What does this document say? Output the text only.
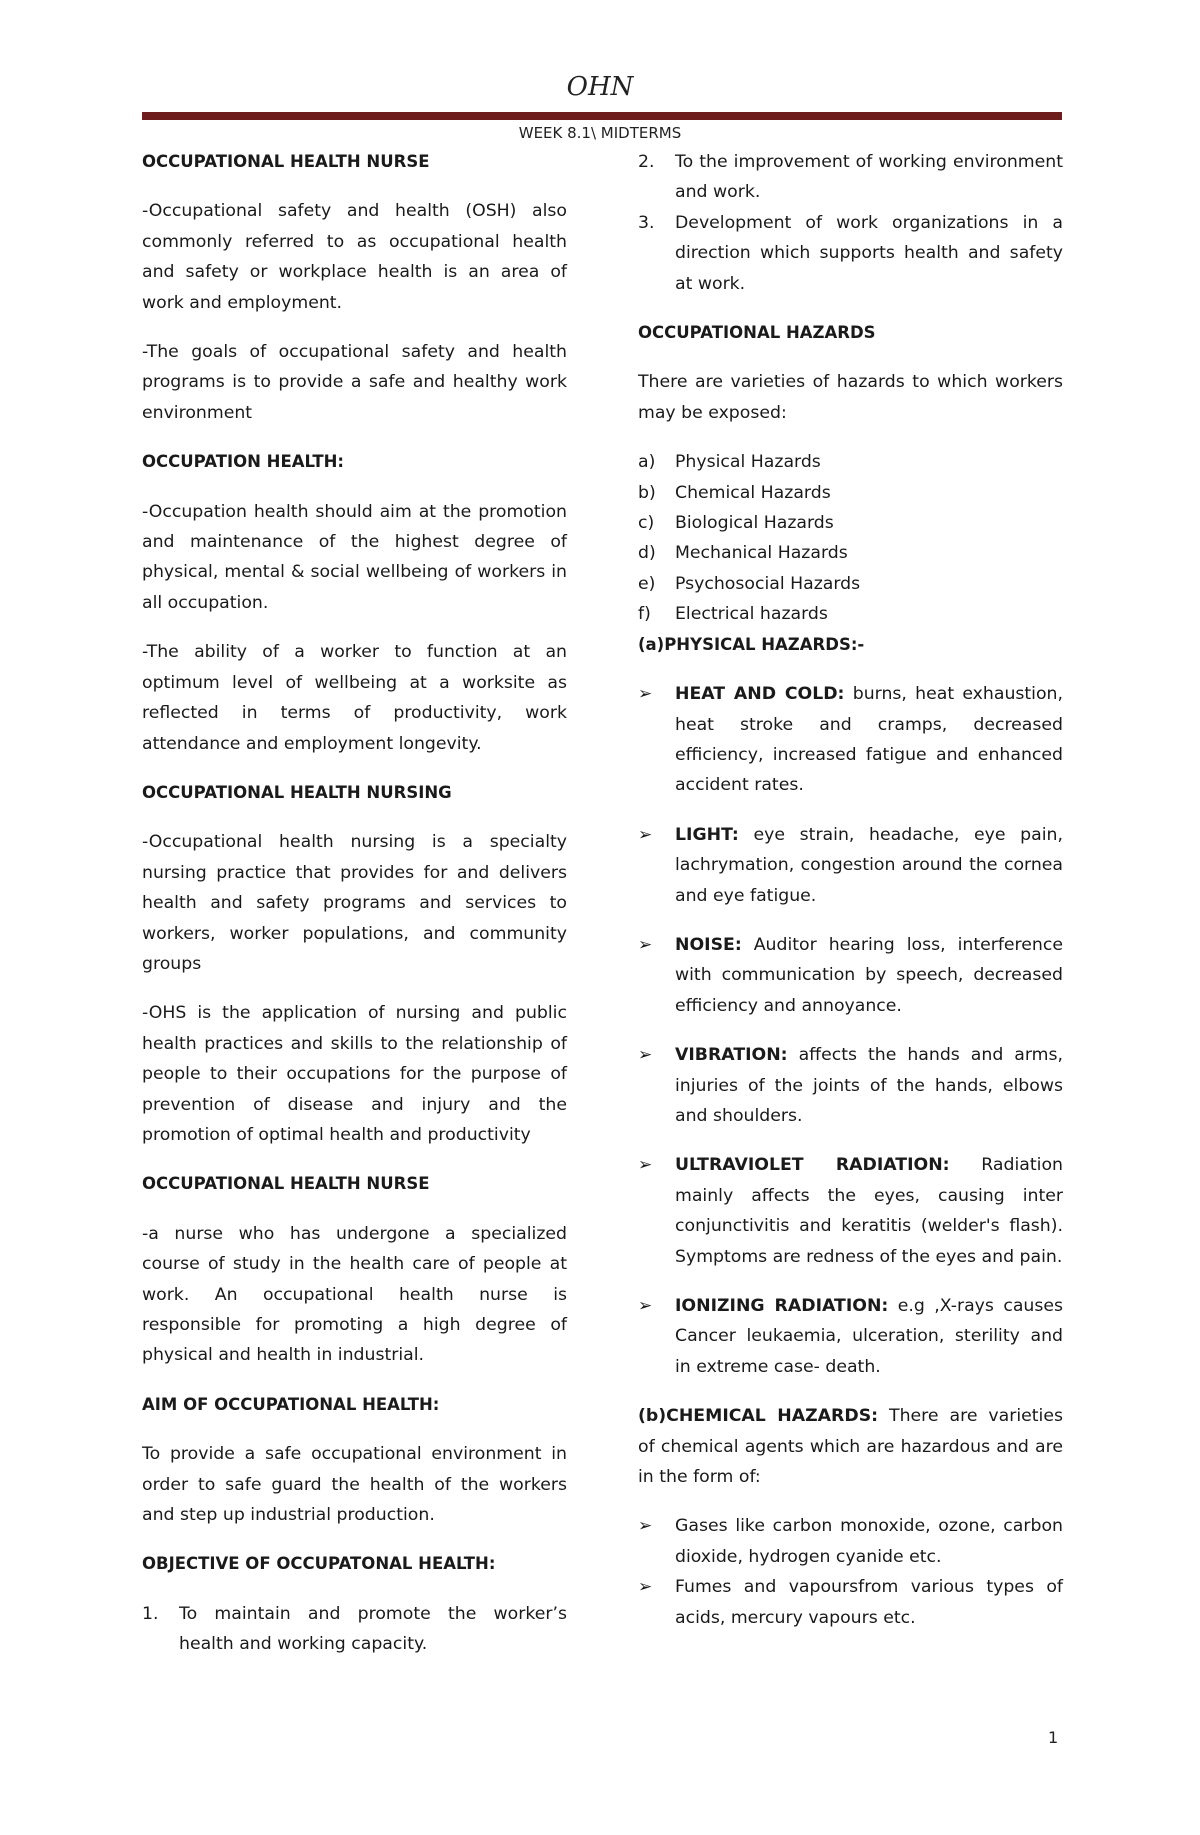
OHN
WEEK 8.1\ MIDTERMS
OCCUPATIONAL HEALTH NURSE

-Occupational safety and health (OSH) also commonly referred to as occupational health and safety or workplace health is an area of work and employment.

-The goals of occupational safety and health programs is to provide a safe and healthy work environment

OCCUPATION HEALTH:

-Occupation health should aim at the promotion and maintenance of the highest degree of physical, mental & social wellbeing of workers in all occupation.

-The ability of a worker to function at an optimum level of wellbeing at a worksite as reflected in terms of productivity, work attendance and employment longevity.

OCCUPATIONAL HEALTH NURSING

-Occupational health nursing is a specialty nursing practice that provides for and delivers health and safety programs and services to workers, worker populations, and community groups

-OHS is the application of nursing and public health practices and skills to the relationship of people to their occupations for the purpose of prevention of disease and injury and the promotion of optimal health and productivity

OCCUPATIONAL HEALTH NURSE

-a nurse who has undergone a specialized course of study in the health care of people at work. An occupational health nurse is responsible for promoting a high degree of physical and health in industrial.

AIM OF OCCUPATIONAL HEALTH:

To provide a safe occupational environment in order to safe guard the health of the workers and step up industrial production.

OBJECTIVE OF OCCUPATONAL HEALTH:
1. To maintain and promote the worker’s health and working capacity.
2. To the improvement of working environment and work.
3. Development of work organizations in a direction which supports health and safety at work.
OCCUPATIONAL HAZARDS

There are varieties of hazards to which workers may be exposed:

a) Physical Hazards
b) Chemical Hazards
c) Biological Hazards
d) Mechanical Hazards
e) Psychosocial Hazards
f) Electrical hazards
(a)PHYSICAL HAZARDS:-
➢ HEAT AND COLD: burns, heat exhaustion, heat stroke and cramps, decreased efficiency, increased fatigue and enhanced accident rates.
➢ LIGHT: eye strain, headache, eye pain, lachrymation, congestion around the cornea and eye fatigue.
➢ NOISE: Auditor hearing loss, interference with communication by speech, decreased efficiency and annoyance.
➢ VIBRATION: affects the hands and arms, injuries of the joints of the hands, elbows and shoulders.
➢ ULTRAVIOLET RADIATION: Radiation mainly affects the eyes, causing inter conjunctivitis and keratitis (welder's flash). Symptoms are redness of the eyes and pain.
➢ IONIZING RADIATION: e.g ,X-rays causes Cancer leukaemia, ulceration, sterility and in extreme case- death.

(b)CHEMICAL HAZARDS: There are varieties of chemical agents which are hazardous and are in the form of:

➢ Gases like carbon monoxide, ozone, carbon dioxide, hydrogen cyanide etc.
➢ Fumes and vapoursfrom various types of acids, mercury vapours etc.
1
